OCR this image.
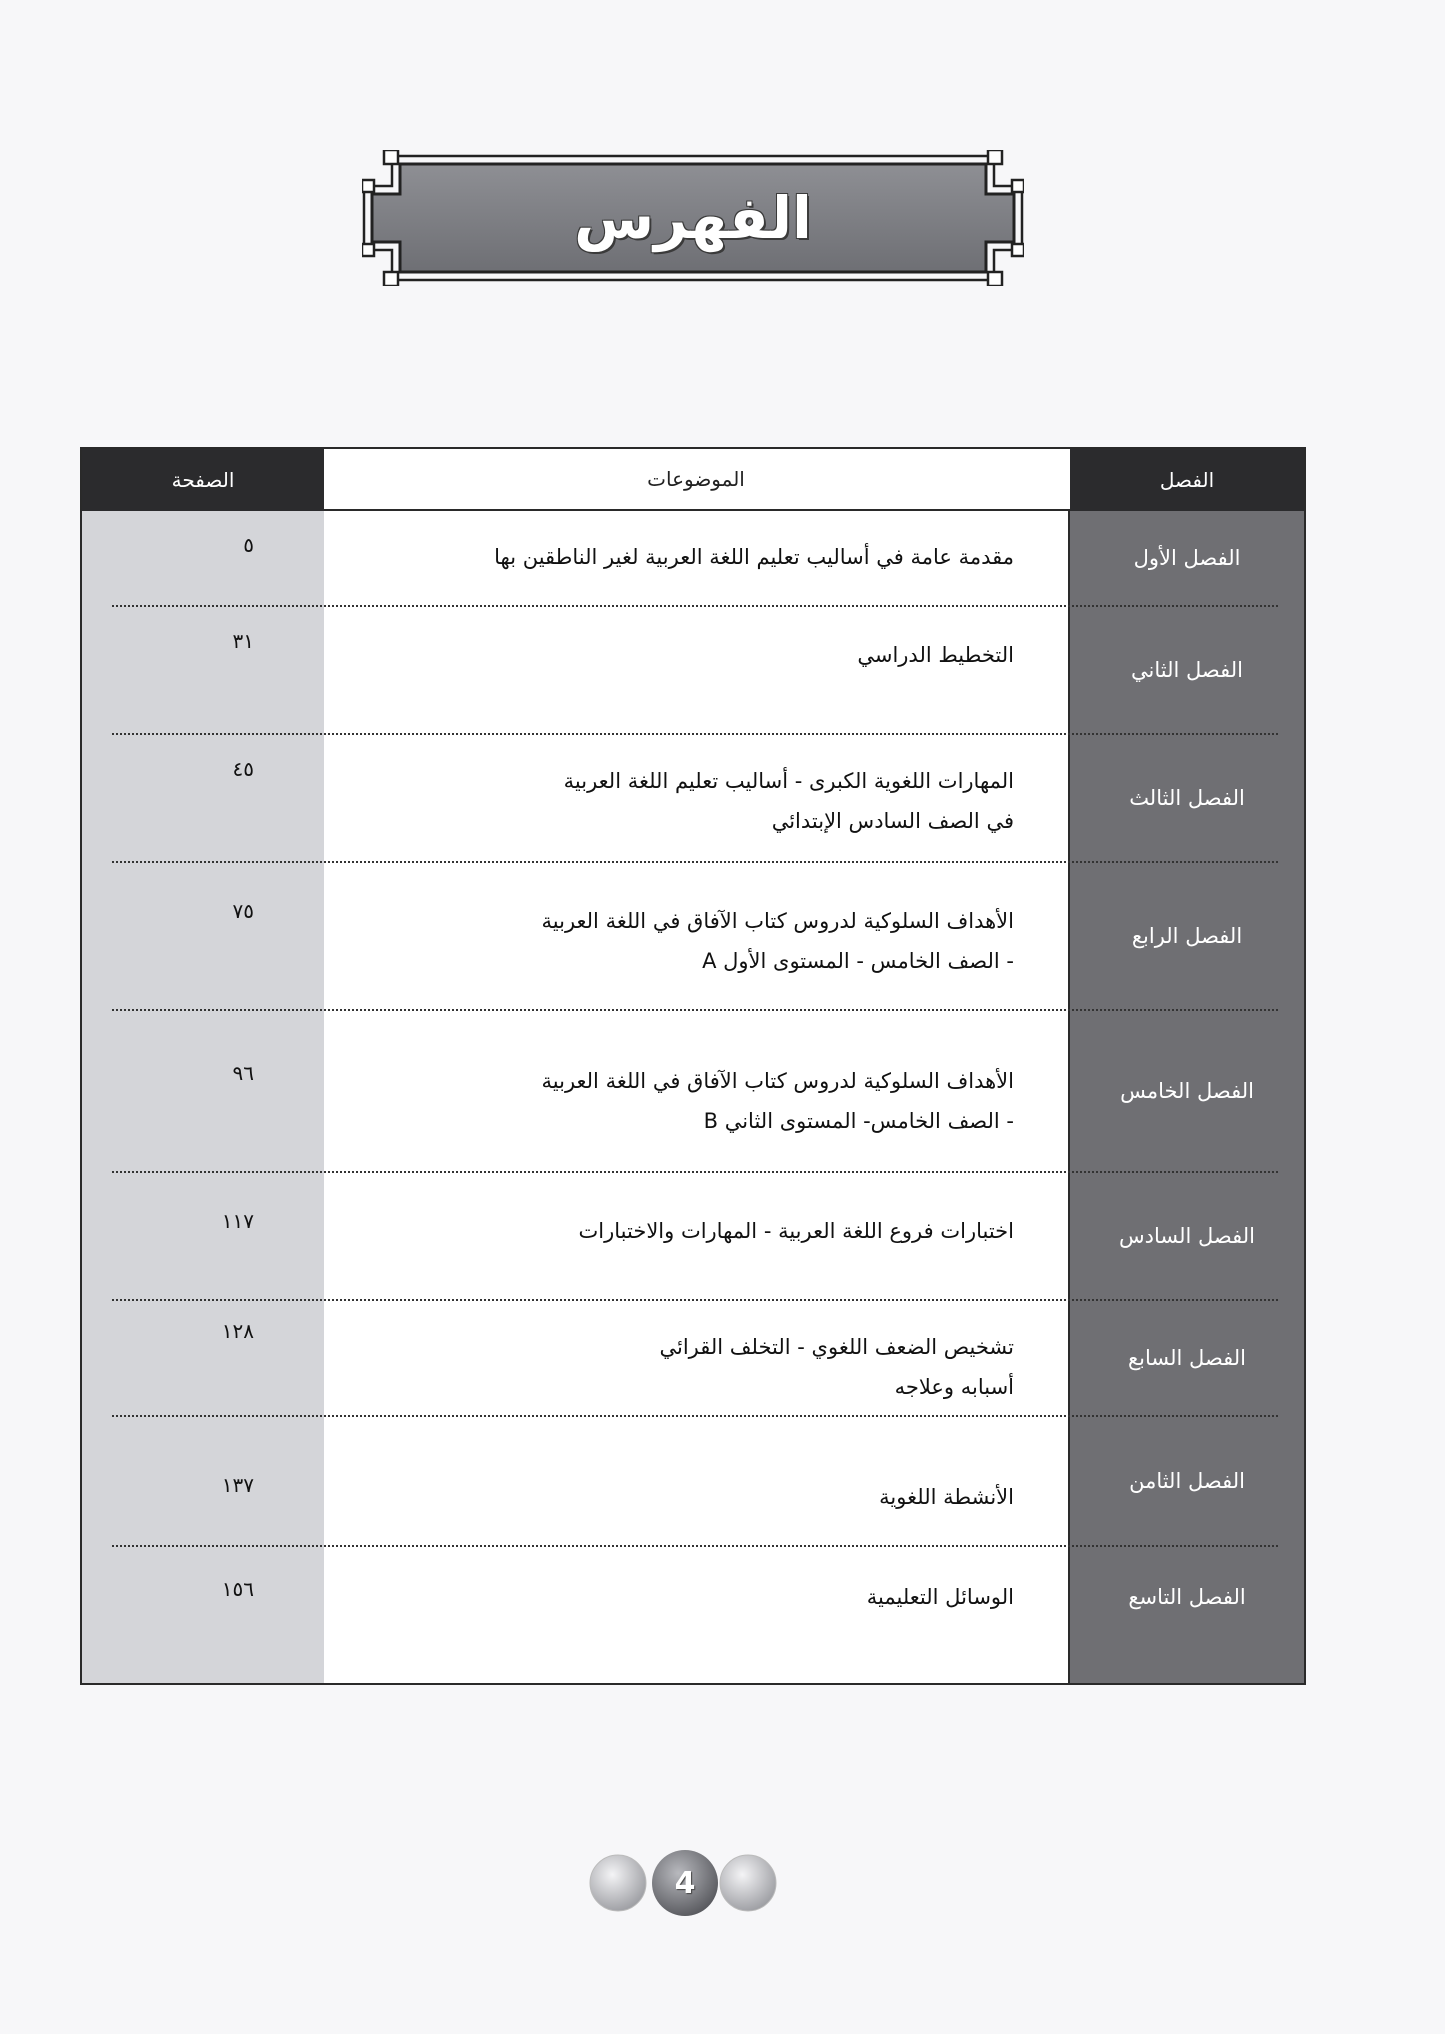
الفهرس
الفصل
الموضوعات
الصفحة
الفصل الأول
مقدمة عامة في أساليب تعليم اللغة العربية لغير الناطقين بها
٥
الفصل الثاني
التخطيط الدراسي
٣١
الفصل الثالث
المهارات اللغوية الكبرى - أساليب تعليم اللغة العربية
في الصف السادس الإبتدائي
٤٥
الفصل الرابع
الأهداف السلوكية لدروس كتاب الآفاق في اللغة العربية
- الصف الخامس - المستوى الأول A
٧٥
الفصل الخامس
الأهداف السلوكية لدروس كتاب الآفاق في اللغة العربية
- الصف الخامس- المستوى الثاني B
٩٦
الفصل السادس
اختبارات فروع اللغة العربية - المهارات والاختبارات
١١٧
الفصل السابع
تشخيص الضعف اللغوي - التخلف القرائي
أسبابه وعلاجه
١٢٨
الفصل الثامن
الأنشطة اللغوية
١٣٧
الفصل التاسع
الوسائل التعليمية
١٥٦
4
